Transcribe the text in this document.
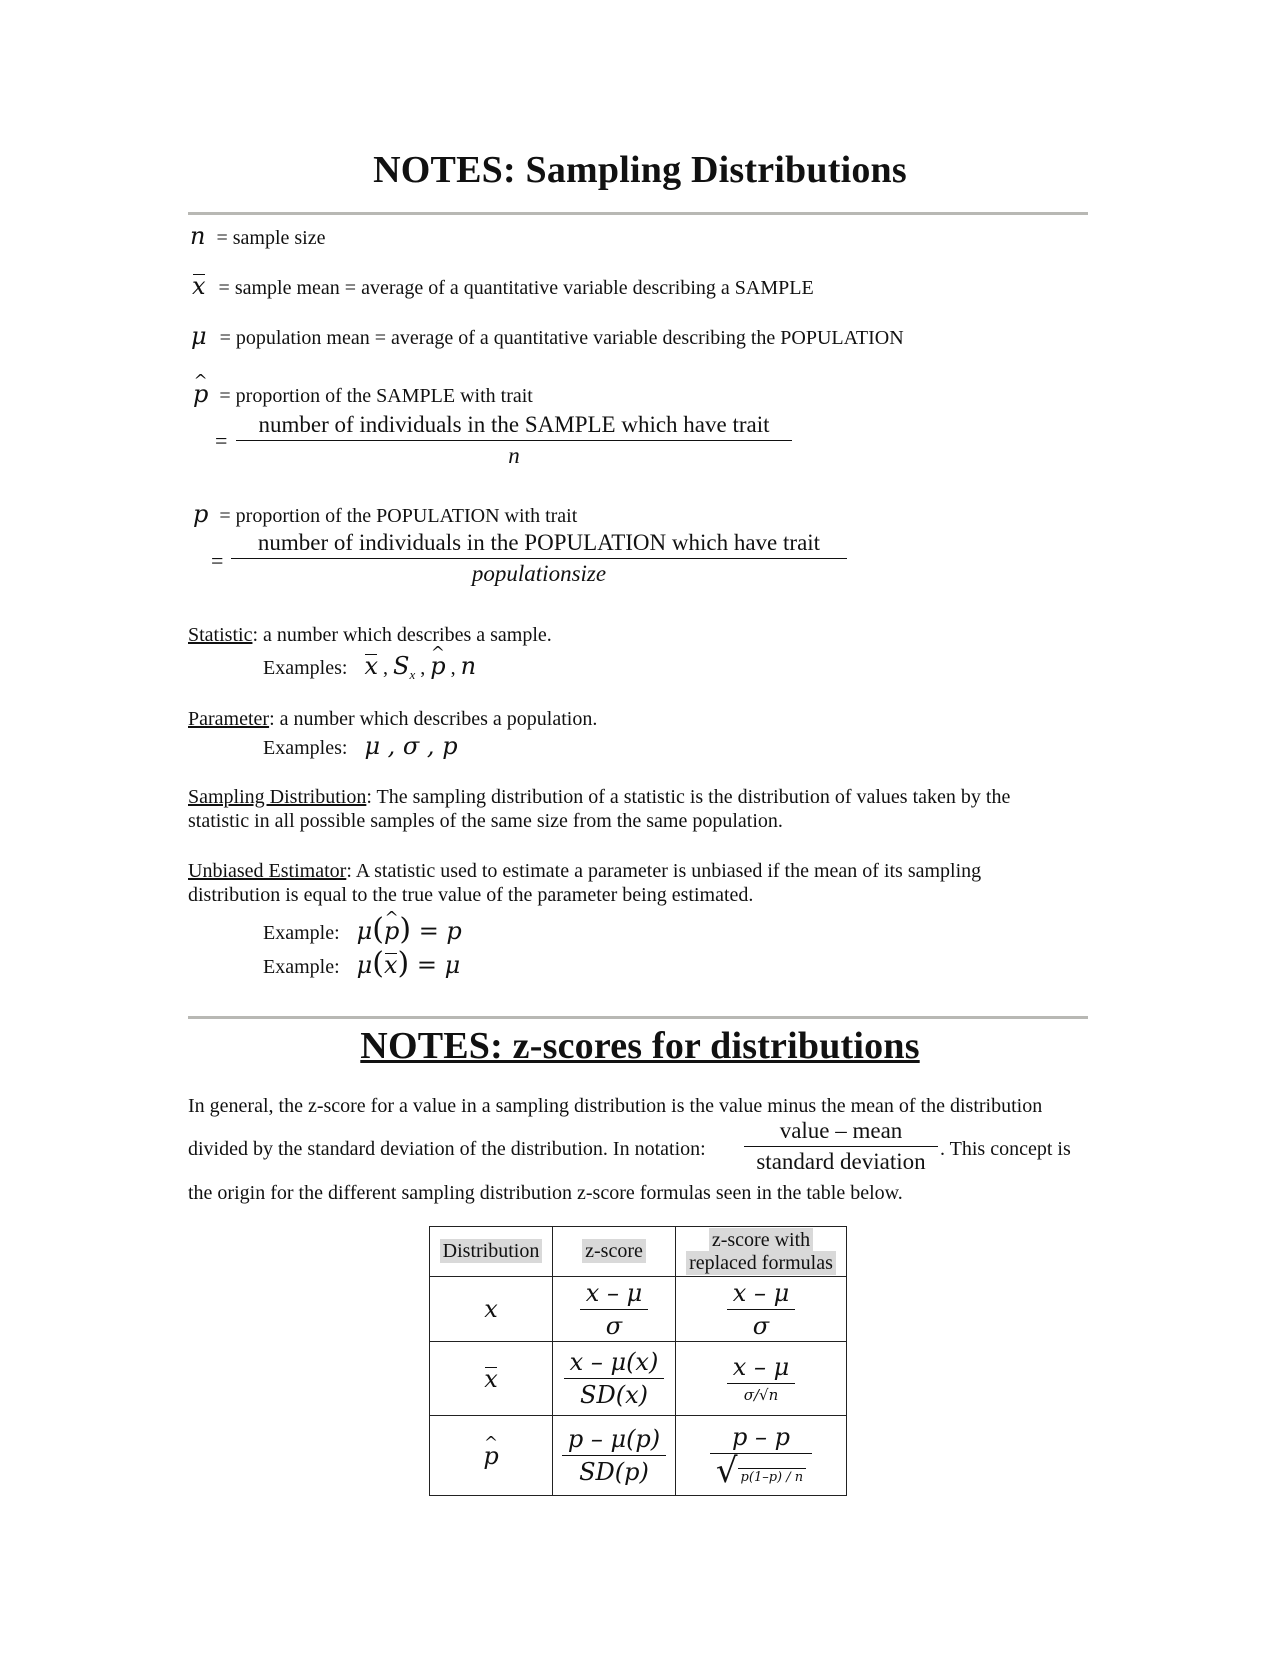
NOTES: Sampling Distributions
n = sample size
x = sample mean = average of a quantitative variable describing a SAMPLE
μ = population mean = average of a quantitative variable describing the POPULATION
^ p = proportion of the SAMPLE with trait
=
number of individuals in the SAMPLE which have trait
n
p = proportion of the POPULATION with trait
=
number of individuals in the POPULATION which have trait
populationsize
Statistic: a number which describes a sample.
Examples: x , $S_x$ , ^ p , n
Parameter: a number which describes a population.
Examples: μ , σ , p
Sampling Distribution: The sampling distribution of a statistic is the distribution of values taken by the
statistic in all possible samples of the same size from the same population.
Unbiased Estimator: A statistic used to estimate a parameter is unbiased if the mean of its sampling
distribution is equal to the true value of the parameter being estimated.
Example: μ(^ p) = p
Example: μ(x) = μ
NOTES: z-scores for distributions
In general, the z-score for a value in a sampling distribution is the value minus the mean of the distribution
divided by the standard deviation of the distribution. In notation:
value – mean
standard deviation . This concept is
the origin for the different sampling distribution z-score formulas seen in the table below.
Distribution	z-score	z-score with
replaced formulas
x	$\frac{x - \mu}{\sigma}$	$\frac{x - \mu}{\sigma}$

x	$\frac{x - \mu(x)}{SD(x)}$	x – μ
σ/√n

^ p	$\frac{p - \mu(p)}{SD(p)}$	$\frac{p - p}{√ p(1-p) / n}$
